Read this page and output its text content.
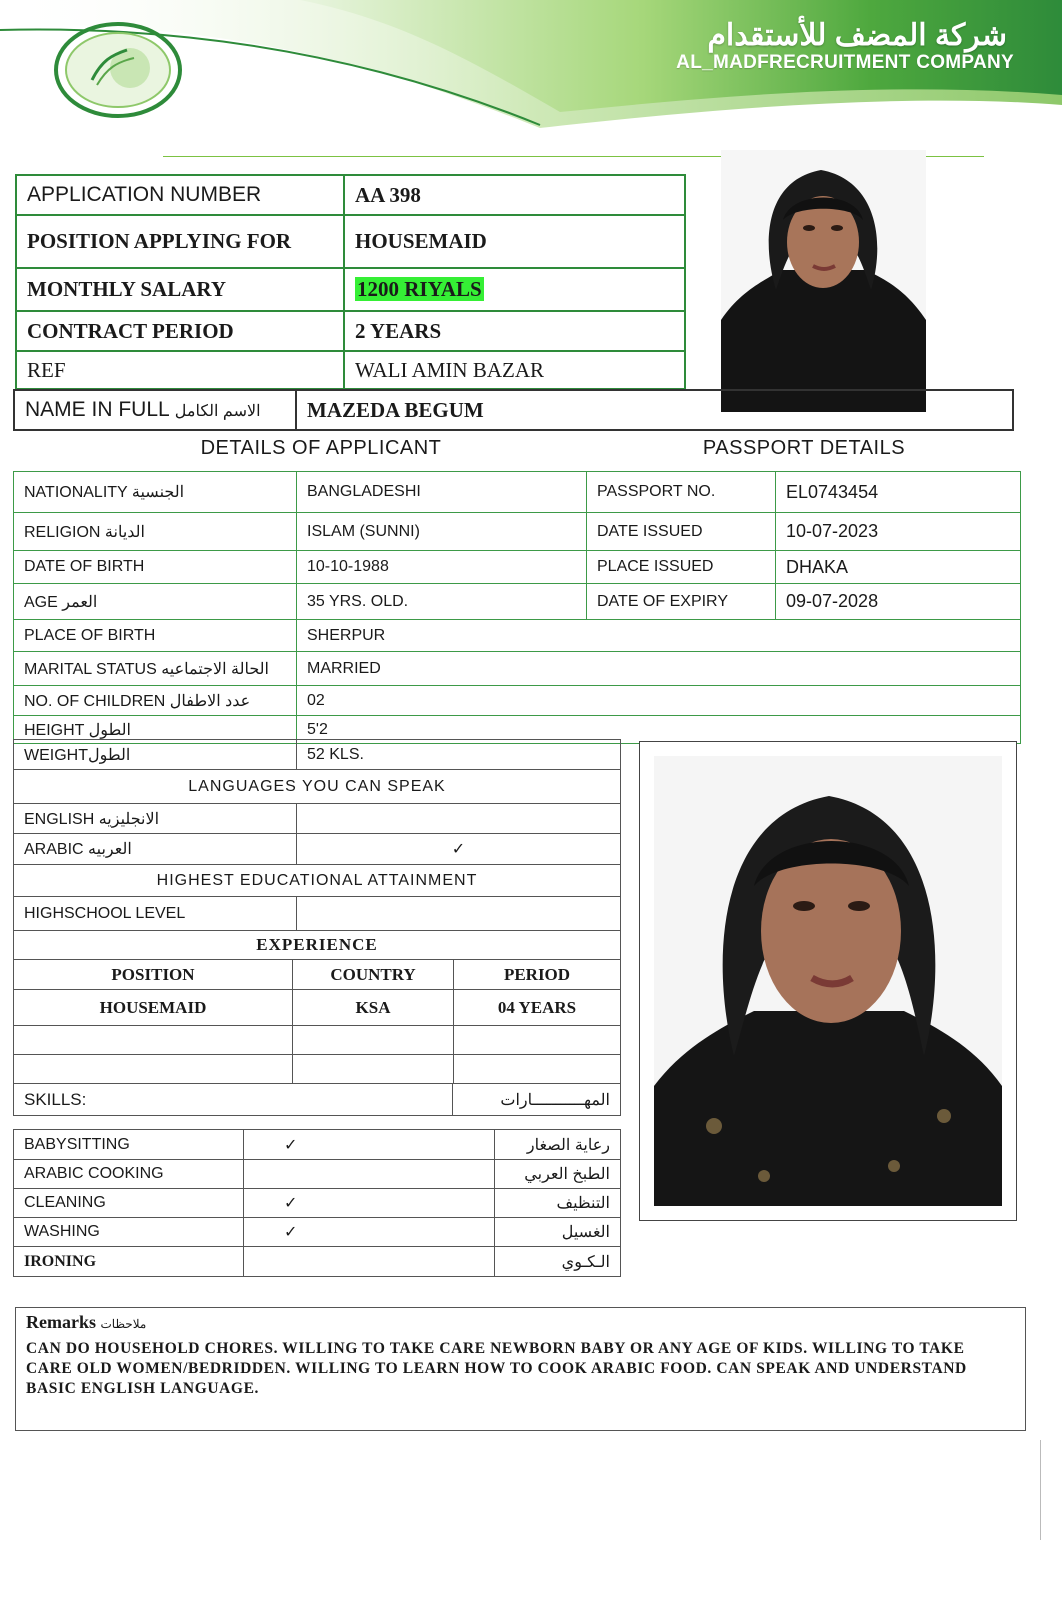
شركة المضف للأستقدام
AL_MADFRECRUITMENT COMPANY
APPLICATION NUMBER	AA 398
POSITION APPLYING FOR	HOUSEMAID
MONTHLY SALARY	1200 RIYALS
CONTRACT PERIOD	2 YEARS
REF	WALI AMIN BAZAR
NAME IN FULL الاسم الكامل	MAZEDA BEGUM
DETAILS OF APPLICANT	PASSPORT DETAILS
NATIONALITY الجنسية	BANGLADESHI	PASSPORT NO.	EL0743454
RELIGION الديانة	ISLAM (SUNNI)	DATE ISSUED	10-07-2023
DATE OF BIRTH	10-10-1988	PLACE ISSUED	DHAKA
AGE العمر	35 YRS. OLD.	DATE OF EXPIRY	09-07-2028
PLACE OF BIRTH	SHERPUR		
MARITAL STATUS الحالة الاجتماعيه	MARRIED		
NO. OF CHILDREN عدد الاطفال	02		
HEIGHT الطول	5'2		
WEIGHTالطول	52 KLS.
LANGUAGES YOU CAN SPEAK	
ENGLISH الانجليزيه	
ARABIC العربيه	✓
HIGHEST EDUCATIONAL ATTAINMENT	
HIGHSCHOOL LEVEL	
EXPERIENCE		
POSITION	COUNTRY	PERIOD
HOUSEMAID	KSA	04 YEARS

SKILLS:	المهـــــــــــارات
BABYSITTING	✓	رعاية الصغار
ARABIC COOKING		الطبخ العربي
CLEANING	✓	التنظيف
WASHING	✓	الغسيل
IRONING		الـكـوي
Remarks ملاحظات
CAN DO HOUSEHOLD CHORES. WILLING TO TAKE CARE NEWBORN BABY OR ANY AGE OF KIDS. WILLING TO TAKE CARE OLD WOMEN/BEDRIDDEN. WILLING TO LEARN HOW TO COOK ARABIC FOOD. CAN SPEAK AND UNDERSTAND BASIC ENGLISH LANGUAGE.
